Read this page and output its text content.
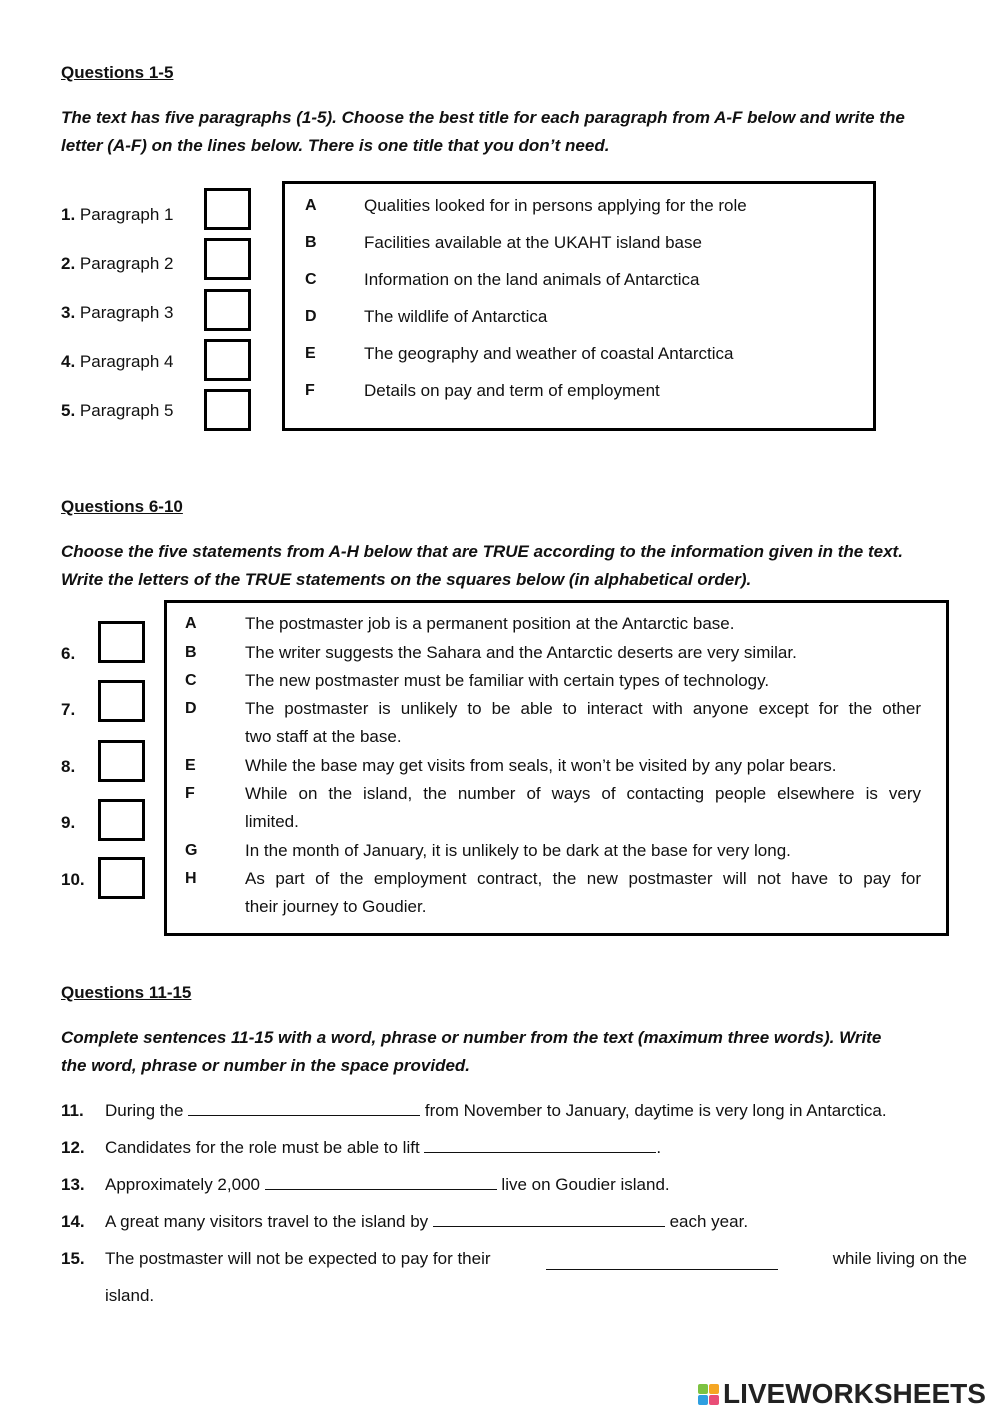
Questions 1-5
The text has five paragraphs (1-5). Choose the best title for each paragraph from A-F below and write the
letter (A-F) on the lines below. There is one title that you don’t need.
1. Paragraph 1
2. Paragraph 2
3. Paragraph 3
4. Paragraph 4
5. Paragraph 5
A	Qualities looked for in persons applying for the role
B	Facilities available at the UKAHT island base
C	Information on the land animals of Antarctica
D	The wildlife of Antarctica
E	The geography and weather of coastal Antarctica
F	Details on pay and term of employment
Questions 6-10
Choose the five statements from A-H below that are TRUE according to the information given in the text.
Write the letters of the TRUE statements on the squares below (in alphabetical order).
6.
7.
8.
9.
10.
A	The postmaster job is a permanent position at the Antarctic base.
B	The writer suggests the Sahara and the Antarctic deserts are very similar.
C	The new postmaster must be familiar with certain types of technology.
D	The postmaster is unlikely to be able to interact with anyone except for the other
two staff at the base.
E	While the base may get visits from seals, it won’t be visited by any polar bears.
F	While on the island, the number of ways of contacting people elsewhere is very
limited.
G	In the month of January, it is unlikely to be dark at the base for very long.
H	As part of the employment contract, the new postmaster will not have to pay for
their journey to Goudier.
Questions 11-15
Complete sentences 11-15 with a word, phrase or number from the text (maximum three words). Write
the word, phrase or number in the space provided.
11. During the	from November to January, daytime is very long in Antarctica.
12. Candidates for the role must be able to lift	.
13. Approximately 2,000	live on Goudier island.
14. A great many visitors travel to the island by	each year.
15. The postmaster will not be expected to pay for their	while living on the
island.
LIVEWORKSHEETS
